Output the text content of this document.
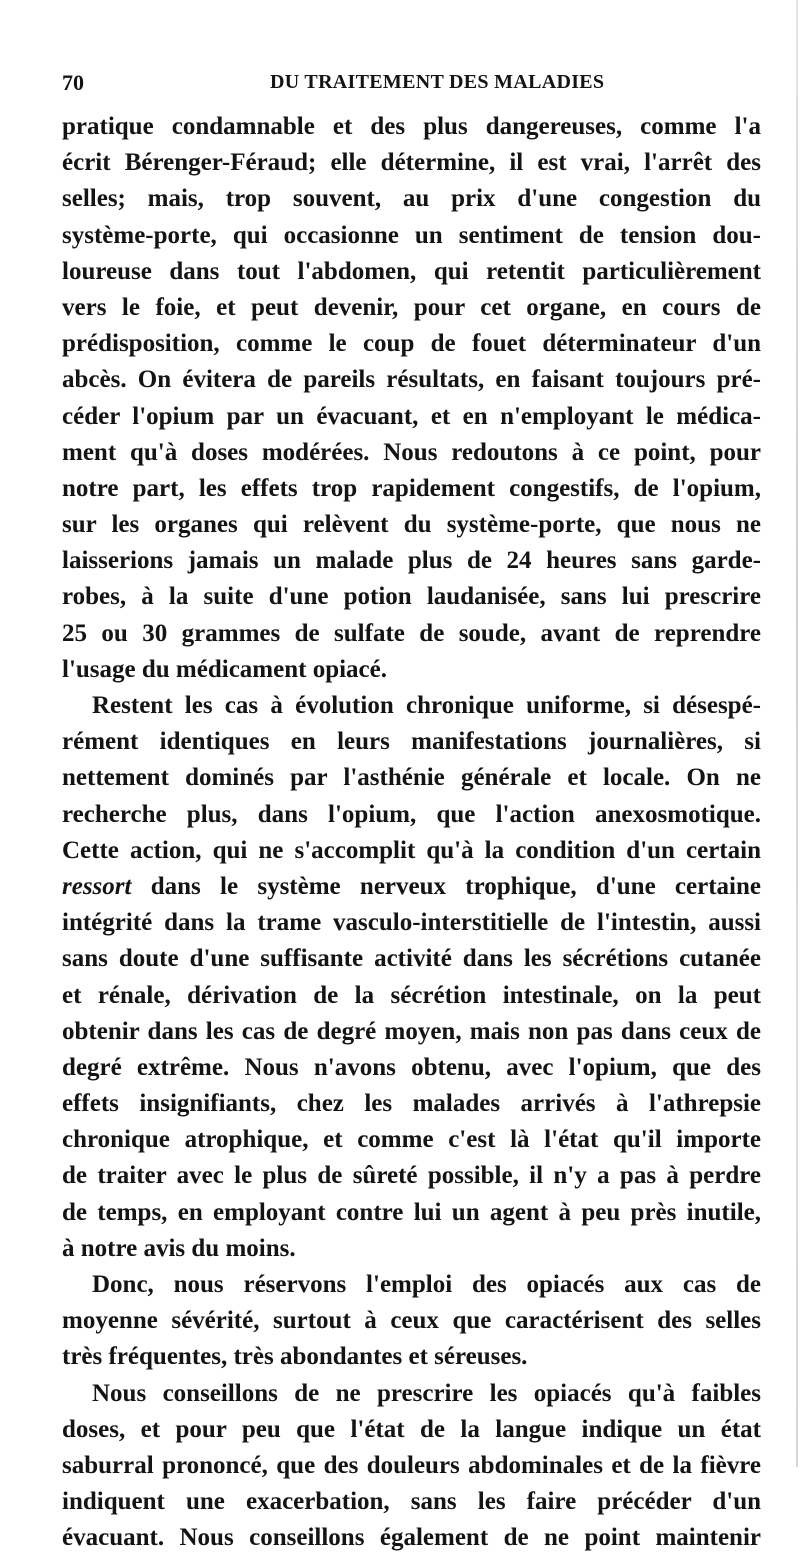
70	DU TRAITEMENT DES MALADIES
pratique condamnable et des plus dangereuses, comme l'a
écrit Bérenger-Féraud; elle détermine, il est vrai, l'arrêt des
selles; mais, trop souvent, au prix d'une congestion du
système-porte, qui occasionne un sentiment de tension dou-
loureuse dans tout l'abdomen, qui retentit particulièrement
vers le foie, et peut devenir, pour cet organe, en cours de
prédisposition, comme le coup de fouet déterminateur d'un
abcès. On évitera de pareils résultats, en faisant toujours pré-
céder l'opium par un évacuant, et en n'employant le médica-
ment qu'à doses modérées. Nous redoutons à ce point, pour
notre part, les effets trop rapidement congestifs, de l'opium,
sur les organes qui relèvent du système-porte, que nous ne
laisserions jamais un malade plus de 24 heures sans garde-
robes, à la suite d'une potion laudanisée, sans lui prescrire
25 ou 30 grammes de sulfate de soude, avant de reprendre
l'usage du médicament opiacé.
Restent les cas à évolution chronique uniforme, si désespé-
rément identiques en leurs manifestations journalières, si
nettement dominés par l'asthénie générale et locale. On ne
recherche plus, dans l'opium, que l'action anexosmotique.
Cette action, qui ne s'accomplit qu'à la condition d'un certain
ressort dans le système nerveux trophique, d'une certaine
intégrité dans la trame vasculo-interstitielle de l'intestin, aussi
sans doute d'une suffisante activité dans les sécrétions cutanée
et rénale, dérivation de la sécrétion intestinale, on la peut
obtenir dans les cas de degré moyen, mais non pas dans ceux de
degré extrême. Nous n'avons obtenu, avec l'opium, que des
effets insignifiants, chez les malades arrivés à l'athrepsie
chronique atrophique, et comme c'est là l'état qu'il importe
de traiter avec le plus de sûreté possible, il n'y a pas à perdre
de temps, en employant contre lui un agent à peu près inutile,
à notre avis du moins.
Donc, nous réservons l'emploi des opiacés aux cas de
moyenne sévérité, surtout à ceux que caractérisent des selles
très fréquentes, très abondantes et séreuses.
Nous conseillons de ne prescrire les opiacés qu'à faibles
doses, et pour peu que l'état de la langue indique un état
saburral prononcé, que des douleurs abdominales et de la fièvre
indiquent une exacerbation, sans les faire précéder d'un
évacuant. Nous conseillons également de ne point maintenir
